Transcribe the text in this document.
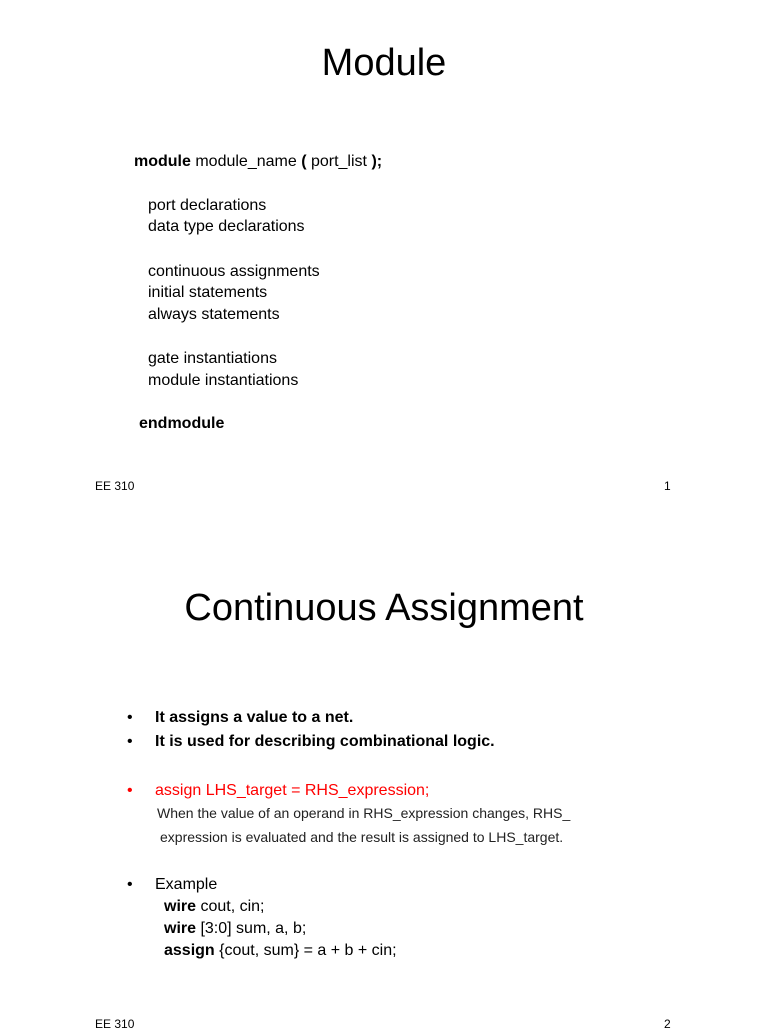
Module
module module_name ( port_list );
port declarations
data type declarations
continuous assignments
initial statements
always statements
gate instantiations
module instantiations
endmodule
EE 310	1
Continuous Assignment
•	It assigns a value to a net.
•	It is used for describing combinational logic.
•	assign LHS_target = RHS_expression;
When the value of an operand in RHS_expression changes, RHS_
expression is evaluated and the result is assigned to LHS_target.
•	Example
wire cout, cin;
wire [3:0] sum, a, b;
assign {cout, sum} = a + b + cin;
EE 310	2
